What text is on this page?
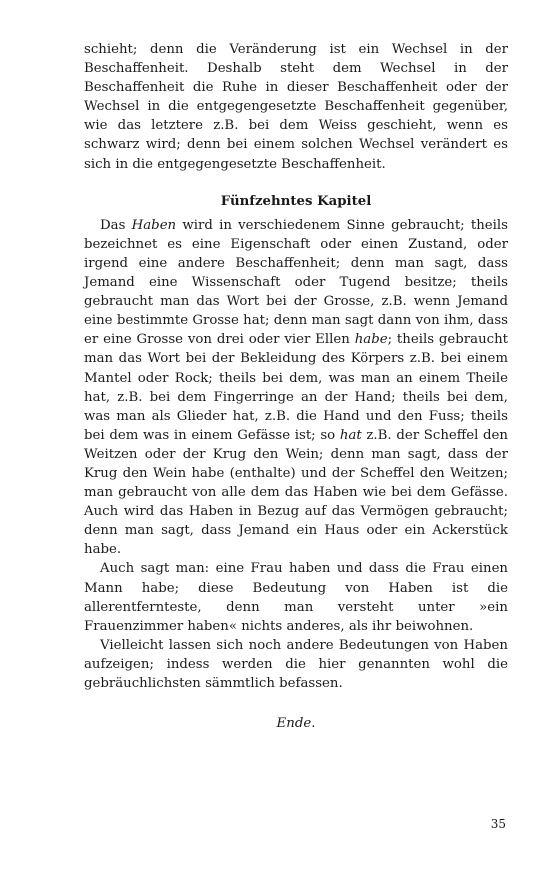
schieht; denn die Veränderung ist ein Wechsel in der Beschaffenheit. Deshalb steht dem Wechsel in der Beschaffenheit die Ruhe in dieser Beschaffenheit oder der Wechsel in die entgegengesetzte Beschaffenheit gegenüber, wie das letztere z.B. bei dem Weiss geschieht, wenn es schwarz wird; denn bei einem solchen Wechsel verändert es sich in die entgegengesetzte Beschaffenheit.

Fünfzehntes Kapitel

Das Haben wird in verschiedenem Sinne gebraucht; theils bezeichnet es eine Eigenschaft oder einen Zustand, oder irgend eine andere Beschaffenheit; denn man sagt, dass Jemand eine Wissenschaft oder Tugend besitze; theils gebraucht man das Wort bei der Grosse, z.B. wenn Jemand eine bestimmte Grosse hat; denn man sagt dann von ihm, dass er eine Grosse von drei oder vier Ellen habe; theils gebraucht man das Wort bei der Bekleidung des Körpers z.B. bei einem Mantel oder Rock; theils bei dem, was man an einem Theile hat, z.B. bei dem Fingerringe an der Hand; theils bei dem, was man als Glieder hat, z.B. die Hand und den Fuss; theils bei dem was in einem Gefässe ist; so hat z.B. der Scheffel den Weitzen oder der Krug den Wein; denn man sagt, dass der Krug den Wein habe (enthalte) und der Scheffel den Weitzen; man gebraucht von alle dem das Haben wie bei dem Gefässe. Auch wird das Haben in Bezug auf das Vermögen gebraucht; denn man sagt, dass Jemand ein Haus oder ein Ackerstück habe.

Auch sagt man: eine Frau haben und dass die Frau einen Mann habe; diese Bedeutung von Haben ist die allerentfernteste, denn man versteht unter »ein Frauenzimmer haben« nichts anderes, als ihr beiwohnen.

Vielleicht lassen sich noch andere Bedeutungen von Haben aufzeigen; indess werden die hier genannten wohl die gebräuchlichsten sämmtlich befassen.

Ende.

35
